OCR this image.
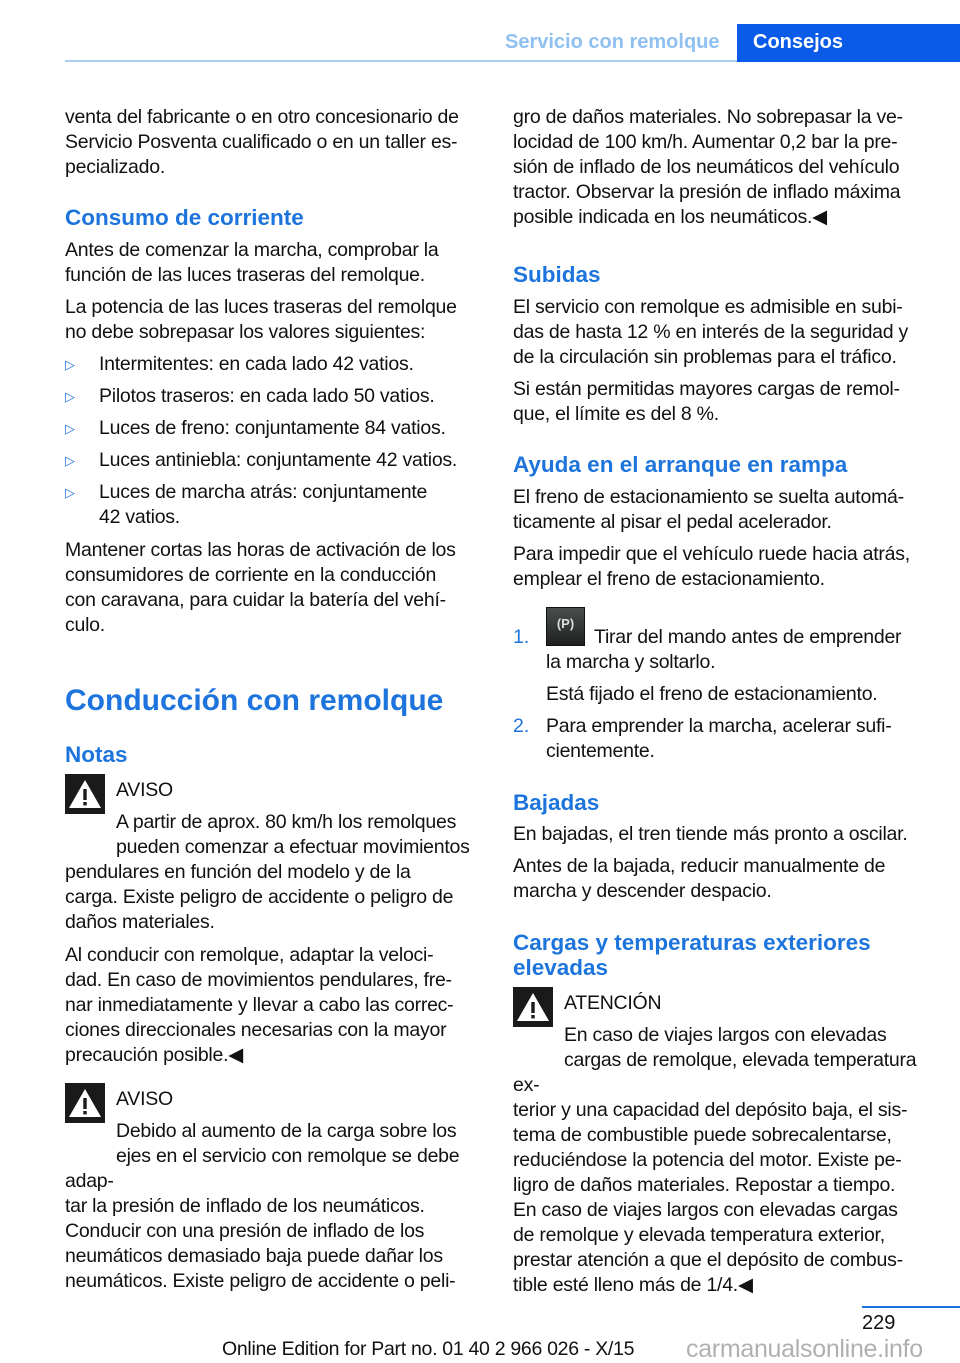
Servicio con remolque Consejos
venta del fabricante o en otro concesionario de
Servicio Posventa cualificado o en un taller es-
pecializado.
Consumo de corriente
Antes de comenzar la marcha, comprobar la
función de las luces traseras del remolque.
La potencia de las luces traseras del remolque
no debe sobrepasar los valores siguientes:
▷ Intermitentes: en cada lado 42 vatios.
▷ Pilotos traseros: en cada lado 50 vatios.
▷ Luces de freno: conjuntamente 84 vatios.
▷ Luces antiniebla: conjuntamente 42 vatios.
▷ Luces de marcha atrás: conjuntamente
42 vatios.
Mantener cortas las horas de activación de los
consumidores de corriente en la conducción
con caravana, para cuidar la batería del vehí-
culo.
Conducción con remolque
Notas
AVISO
A partir de aprox. 80 km/h los remolques
pueden comenzar a efectuar movimientos
pendulares en función del modelo y de la
carga. Existe peligro de accidente o peligro de
daños materiales.
Al conducir con remolque, adaptar la veloci-
dad. En caso de movimientos pendulares, fre-
nar inmediatamente y llevar a cabo las correc-
ciones direccionales necesarias con la mayor
precaución posible.◀
AVISO
Debido al aumento de la carga sobre los
ejes en el servicio con remolque se debe adap-
tar la presión de inflado de los neumáticos.
Conducir con una presión de inflado de los
neumáticos demasiado baja puede dañar los
neumáticos. Existe peligro de accidente o peli-
gro de daños materiales. No sobrepasar la ve-
locidad de 100 km/h. Aumentar 0,2 bar la pre-
sión de inflado de los neumáticos del vehículo
tractor. Observar la presión de inflado máxima
posible indicada en los neumáticos.◀
Subidas
El servicio con remolque es admisible en subi-
das de hasta 12 % en interés de la seguridad y
de la circulación sin problemas para el tráfico.
Si están permitidas mayores cargas de remol-
que, el límite es del 8 %.
Ayuda en el arranque en rampa
El freno de estacionamiento se suelta automá-
ticamente al pisar el pedal acelerador.
Para impedir que el vehículo ruede hacia atrás,
emplear el freno de estacionamiento.
1.
(P)
Tirar del mando antes de emprender
la marcha y soltarlo.
Está fijado el freno de estacionamiento.
2. Para emprender la marcha, acelerar sufi-
cientemente.
Bajadas
En bajadas, el tren tiende más pronto a oscilar.
Antes de la bajada, reducir manualmente de
marcha y descender despacio.
Cargas y temperaturas exteriores
elevadas
ATENCIÓN
En caso de viajes largos con elevadas
cargas de remolque, elevada temperatura ex-
terior y una capacidad del depósito baja, el sis-
tema de combustible puede sobrecalentarse,
reduciéndose la potencia del motor. Existe pe-
ligro de daños materiales. Repostar a tiempo.
En caso de viajes largos con elevadas cargas
de remolque y elevada temperatura exterior,
prestar atención a que el depósito de combus-
tible esté lleno más de 1/4.◀
229
Online Edition for Part no. 01 40 2 966 026 - X/15 carmanualsonline.info
